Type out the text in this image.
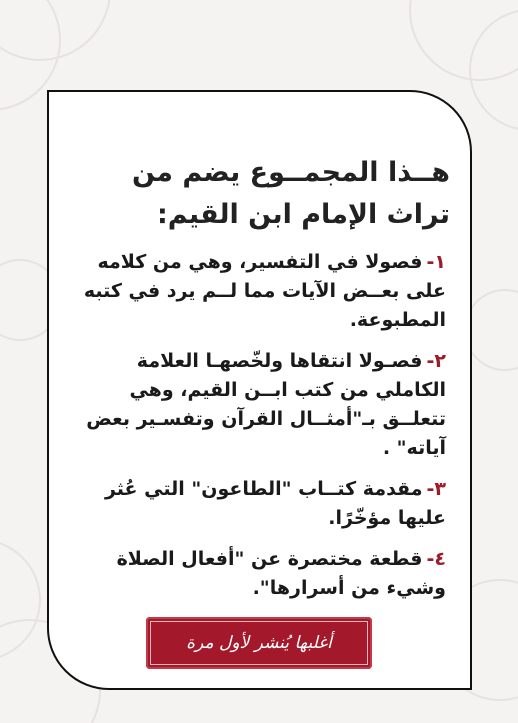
هــذا المجمــوع يضم من
تراث الإمام ابن القيم:
١-فصولا في التفسير، وهي من كلامه على بعــض الآيات مما لــم يرد في كتبه المطبوعة.
٢-فصـولا انتقاها ولخّصهـا العلامة الكاملي من كتب ابــن القيم، وهي تتعلــق بـ"أمثــال القرآن وتفسـير بعض آياته" .
٣-مقدمة كتــاب "الطاعون" التي عُثر عليها مؤخّرًا.
٤-قطعة مختصرة عن "أفعال الصلاة وشيء من أسرارها".
أغلبها يُنشر لأول مرة
